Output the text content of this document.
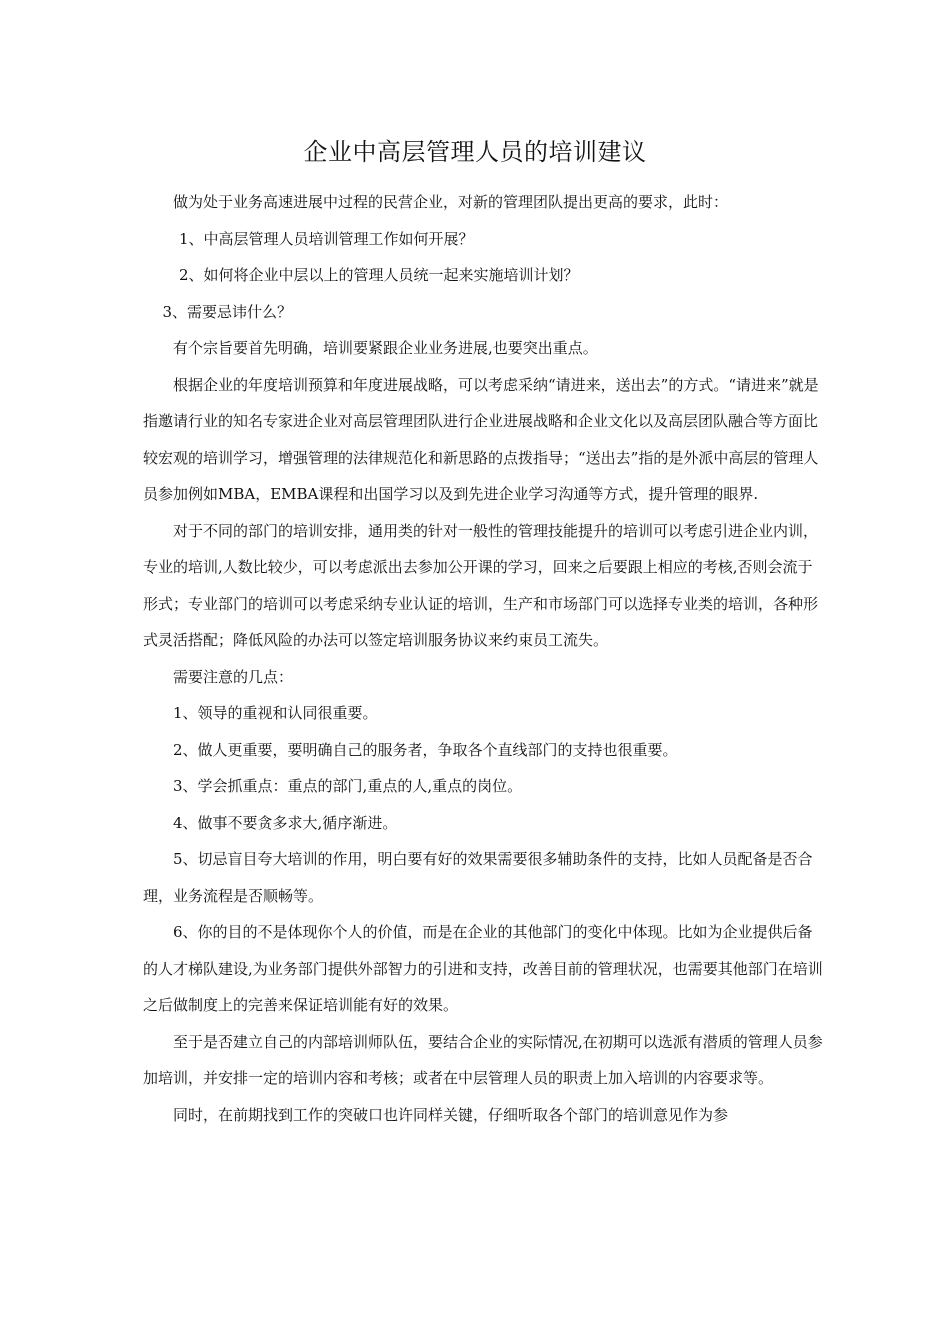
企业中高层管理人员的培训建议

做为处于业务高速进展中过程的民营企业，对新的管理团队提出更高的要求，此时：

1、中高层管理人员培训管理工作如何开展？

2、如何将企业中层以上的管理人员统一起来实施培训计划？

3、需要忌讳什么？

有个宗旨要首先明确，培训要紧跟企业业务进展,也要突出重点。

根据企业的年度培训预算和年度进展战略，可以考虑采纳“请进来，送出去”的方式。“请进来”就是指邀请行业的知名专家进企业对高层管理团队进行企业进展战略和企业文化以及高层团队融合等方面比较宏观的培训学习，增强管理的法律规范化和新思路的点拨指导；“送出去”指的是外派中高层的管理人员参加例如MBA，EMBA课程和出国学习以及到先进企业学习沟通等方式，提升管理的眼界.

对于不同的部门的培训安排，通用类的针对一般性的管理技能提升的培训可以考虑引进企业内训，专业的培训,人数比较少，可以考虑派出去参加公开课的学习，回来之后要跟上相应的考核,否则会流于形式；专业部门的培训可以考虑采纳专业认证的培训，生产和市场部门可以选择专业类的培训，各种形式灵活搭配；降低风险的办法可以签定培训服务协议来约束员工流失。

需要注意的几点：

1、领导的重视和认同很重要。

2、做人更重要，要明确自己的服务者，争取各个直线部门的支持也很重要。

3、学会抓重点：重点的部门,重点的人,重点的岗位。

4、做事不要贪多求大,循序渐进。

5、切忌盲目夸大培训的作用，明白要有好的效果需要很多辅助条件的支持，比如人员配备是否合理，业务流程是否顺畅等。

6、你的目的不是体现你个人的价值，而是在企业的其他部门的变化中体现。比如为企业提供后备的人才梯队建设,为业务部门提供外部智力的引进和支持，改善目前的管理状况，也需要其他部门在培训之后做制度上的完善来保证培训能有好的效果。

至于是否建立自己的内部培训师队伍，要结合企业的实际情况,在初期可以选派有潜质的管理人员参加培训，并安排一定的培训内容和考核；或者在中层管理人员的职责上加入培训的内容要求等。

同时，在前期找到工作的突破口也许同样关键，仔细听取各个部门的培训意见作为参
